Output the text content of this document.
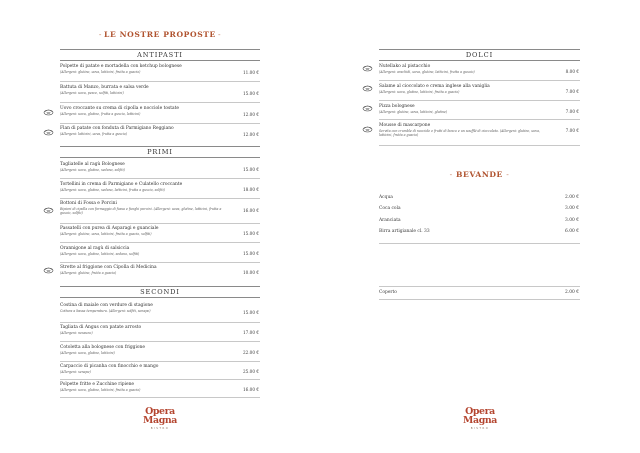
- LE NOSTRE PROPOSTE -
ANTIPASTI
Polpette di patate e mortadella con ketchup bolognese
(Allergeni: glutine, uova, latticini, frutta a guscio)	11.00 €
Battuta di Manzo, burrata e salsa verde
(Allergeni: uova, pesce, solfiti, latticini)	15.00 €
Uovo croccante su crema di cipolla e nocciole tostate
(Allergeni: uova, glutine, frutta a guscio, latticini)	12.00 €
Flan di patate con fonduta di Parmigiano Reggiano
(Allergeni: latticini, uova, frutta a guscio)	12.00 €
PRIMI
Tagliatelle al ragù Bolognese
(Allergeni: uova, glutine, sedano, solfiti)	15.00 €
Tortellini in crema di Parmigiano e Culatello croccante
(Allergeni: uova, glutine, sedano, latticini, frutta a guscio, solfiti)	18.00 €
Bottoni di Fossa e Porcini
Ripieni di cipolla con formaggio di fossa e funghi porcini. (Allergeni: uova, glutine, latticini, frutta a guscio, solfiti)	16.00 €
Passatelli con purea di Asparagi e guanciale
(Allergeni: glutine, uova, latticini, frutta a guscio, solfiti)	15.00 €
Orannigone al ragù di salsiccia
(Allergeni: uova, glutine, latticini, sedano, solfiti)	15.00 €
Strette al friggione con Cipolla di Medicina
(Allergeni: glutine, frutta a guscio)	10.00 €
SECONDI
Costina di maiale con verdure di stagione
Cottura a bassa temperatura. (Allergeni: solfiti, senape)	15.00 €
Tagliata di Angus con patate arrosto
(Allergeni: nessuno)	17.00 €
Cotoletta alla bolognese con friggione
(Allergeni: uova, glutine, latticini)	22.00 €
Carpaccio di picanha con finocchio e mango
(Allergeni: senape)	25.00 €
Polpette fritte e Zucchine ripiene
(Allergeni: uova, glutine, latticini, frutta a guscio)	16.00 €
Opera
Magna
BISTRO
DOLCI
Nutellako al pistacchio
(Allergeni: arachidi, uova, glutine, latticini, frutta a guscio)	8.00 €
Salame al cioccolato e crema inglese alla vaniglia
(Allergeni: uova, glutine, latticini, frutta a guscio)	7.00 €
Pizza bolognese
(Allergeni: glutine, uova, latticini, glutine)	7.00 €
Mousse di mascarpone
Servita con crumble di nocciole e frutti di bosco e un soufflé di cioccolato. (Allergeni: glutine, uova, latticini, frutta a guscio)
7.00 €
Acqua	2.00 €
Coca cola	3.00 €
Aranciata	3.00 €
Birra artigianale cl. 33	6.00 €
Coperto	2.00 €
- BEVANDE -
Opera
Magna
BISTRO
